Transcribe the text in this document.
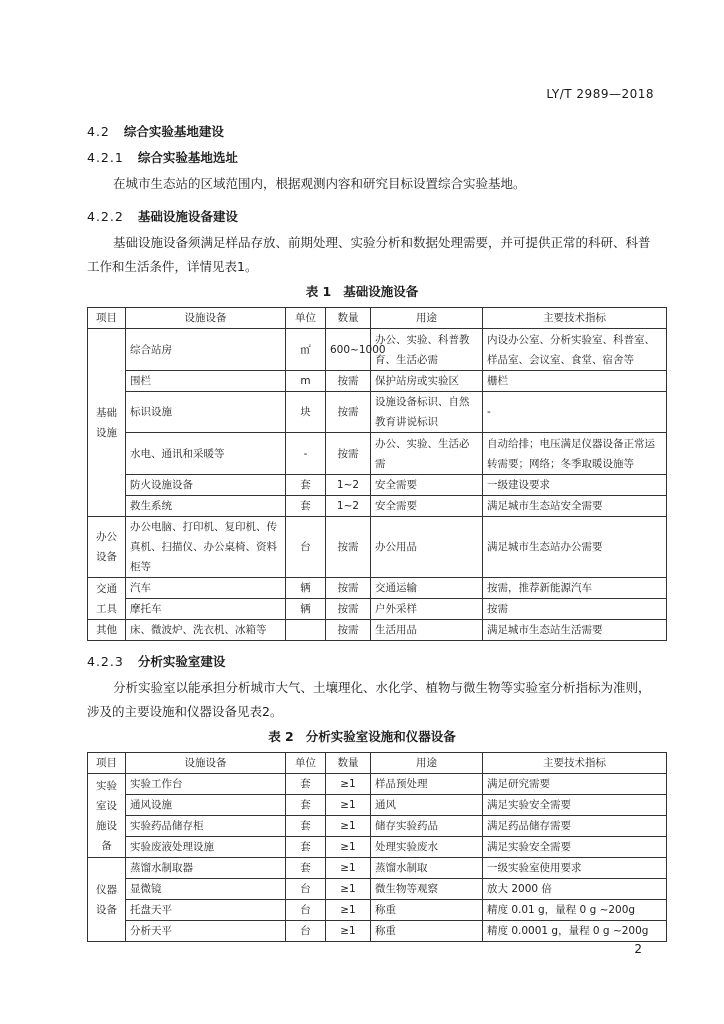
LY/T 2989—2018
4.2 综合实验基地建设
4.2.1 综合实验基地选址
在城市生态站的区域范围内，根据观测内容和研究目标设置综合实验基地。
4.2.2 基础设施设备建设
基础设施设备须满足样品存放、前期处理、实验分析和数据处理需要，并可提供正常的科研、科普工作和生活条件，详情见表1。
表 1 基础设施设备
项目	设施设备	单位	数量	用途	主要技术指标
基础设施	综合站房	㎡	600~1000	办公、实验、科普教育、生活必需	内设办公室、分析实验室、科普室、样品室、会议室、食堂、宿舍等
	围栏	m	按需	保护站房或实验区	栅栏
	标识设施	块	按需	设施设备标识、自然教育讲说标识	-
	水电、通讯和采暖等	-	按需	办公、实验、生活必需	自动给排；电压满足仪器设备正常运转需要；网络；冬季取暖设施等
	防火设施设备	套	1~2	安全需要	一级建设要求
	救生系统	套	1~2	安全需要	满足城市生态站安全需要
办公设备	办公电脑、打印机、复印机、传真机、扫描仪、办公桌椅、资料柜等	台	按需	办公用品	满足城市生态站办公需要
交通工具	汽车	辆	按需	交通运输	按需，推荐新能源汽车
	摩托车	辆	按需	户外采样	按需
其他	床、微波炉、洗衣机、冰箱等		按需	生活用品	满足城市生态站生活需要
4.2.3 分析实验室建设
分析实验室以能承担分析城市大气、土壤理化、水化学、植物与微生物等实验室分析指标为准则，涉及的主要设施和仪器设备见表2。
表 2 分析实验室设施和仪器设备
项目	设施设备	单位	数量	用途	主要技术指标
实验室设施设备	实验工作台	套	≥1	样品预处理	满足研究需要
	通风设施	套	≥1	通风	满足实验安全需要
	实验药品储存柜	套	≥1	储存实验药品	满足药品储存需要
	实验废液处理设施	套	≥1	处理实验废水	满足实验安全需要
仪器设备	蒸馏水制取器	套	≥1	蒸馏水制取	一级实验室使用要求
	显微镜	台	≥1	微生物等观察	放大 2000 倍
	托盘天平	台	≥1	称重	精度 0.01 g，量程 0 g ~200g
	分析天平	台	≥1	称重	精度 0.0001 g，量程 0 g ~200g
2
